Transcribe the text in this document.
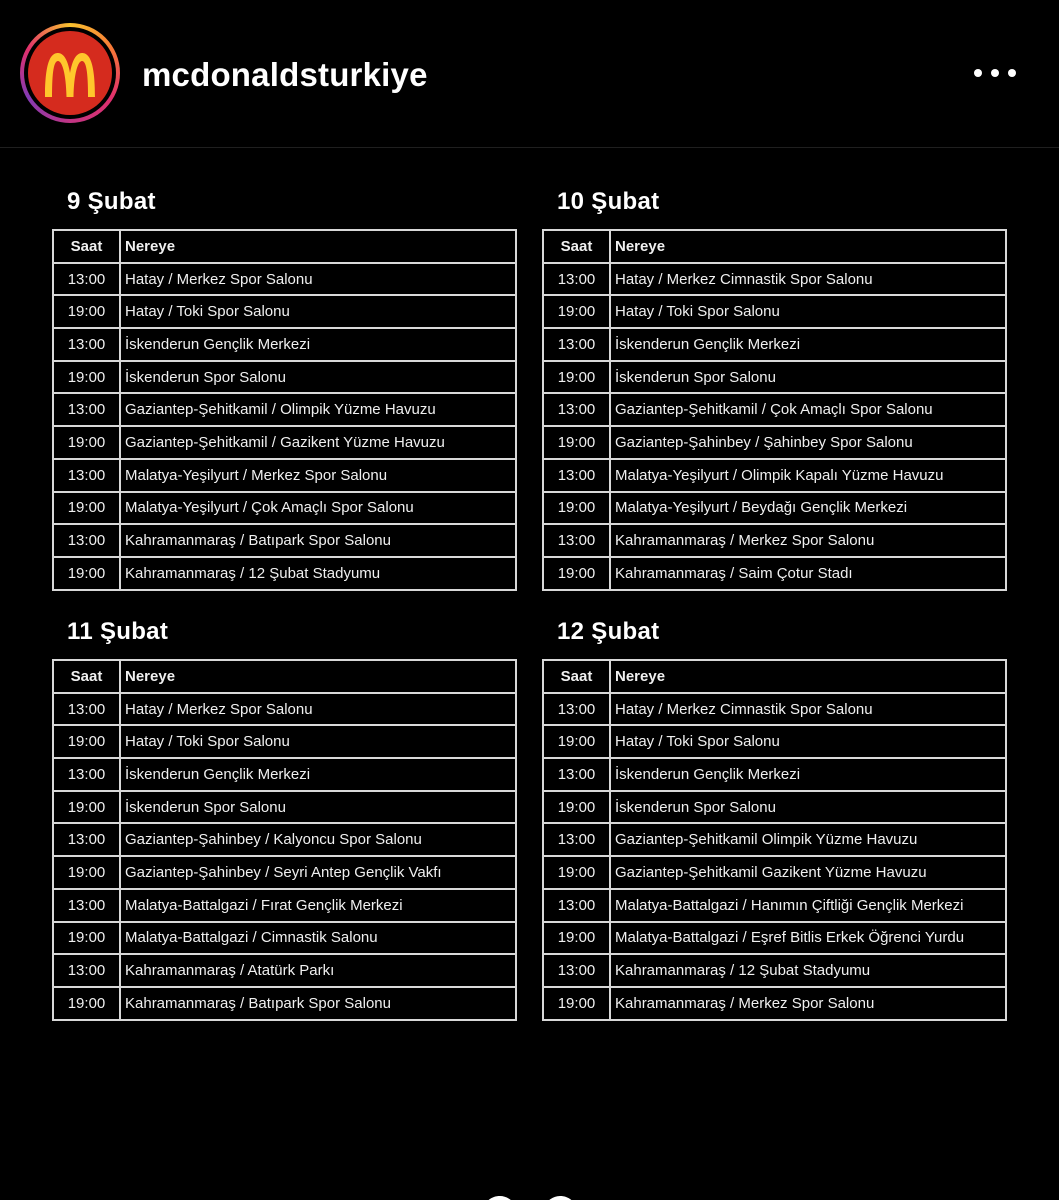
mcdonaldsturkiye
9 Şubat
Saat	Nereye
13:00	Hatay / Merkez Spor Salonu
19:00	Hatay / Toki Spor Salonu
13:00	İskenderun Gençlik Merkezi
19:00	İskenderun Spor Salonu
13:00	Gaziantep-Şehitkamil / Olimpik Yüzme Havuzu
19:00	Gaziantep-Şehitkamil / Gazikent Yüzme Havuzu
13:00	Malatya-Yeşilyurt / Merkez Spor Salonu
19:00	Malatya-Yeşilyurt / Çok Amaçlı Spor Salonu
13:00	Kahramanmaraş / Batıpark Spor Salonu
19:00	Kahramanmaraş / 12 Şubat Stadyumu
10 Şubat
Saat	Nereye
13:00	Hatay / Merkez Cimnastik Spor Salonu
19:00	Hatay / Toki Spor Salonu
13:00	İskenderun Gençlik Merkezi
19:00	İskenderun Spor Salonu
13:00	Gaziantep-Şehitkamil / Çok Amaçlı Spor Salonu
19:00	Gaziantep-Şahinbey / Şahinbey Spor Salonu
13:00	Malatya-Yeşilyurt / Olimpik Kapalı Yüzme Havuzu
19:00	Malatya-Yeşilyurt / Beydağı Gençlik Merkezi
13:00	Kahramanmaraş / Merkez Spor Salonu
19:00	Kahramanmaraş / Saim Çotur Stadı
11 Şubat
Saat	Nereye
13:00	Hatay / Merkez Spor Salonu
19:00	Hatay / Toki Spor Salonu
13:00	İskenderun Gençlik Merkezi
19:00	İskenderun Spor Salonu
13:00	Gaziantep-Şahinbey / Kalyoncu Spor Salonu
19:00	Gaziantep-Şahinbey / Seyri Antep Gençlik Vakfı
13:00	Malatya-Battalgazi / Fırat Gençlik Merkezi
19:00	Malatya-Battalgazi / Cimnastik Salonu
13:00	Kahramanmaraş / Atatürk Parkı
19:00	Kahramanmaraş / Batıpark Spor Salonu
12 Şubat
Saat	Nereye
13:00	Hatay / Merkez Cimnastik Spor Salonu
19:00	Hatay / Toki Spor Salonu
13:00	İskenderun Gençlik Merkezi
19:00	İskenderun Spor Salonu
13:00	Gaziantep-Şehitkamil Olimpik Yüzme Havuzu
19:00	Gaziantep-Şehitkamil Gazikent Yüzme Havuzu
13:00	Malatya-Battalgazi / Hanımın Çiftliği Gençlik Merkezi
19:00	Malatya-Battalgazi / Eşref Bitlis Erkek Öğrenci Yurdu
13:00	Kahramanmaraş / 12 Şubat Stadyumu
19:00	Kahramanmaraş / Merkez Spor Salonu
